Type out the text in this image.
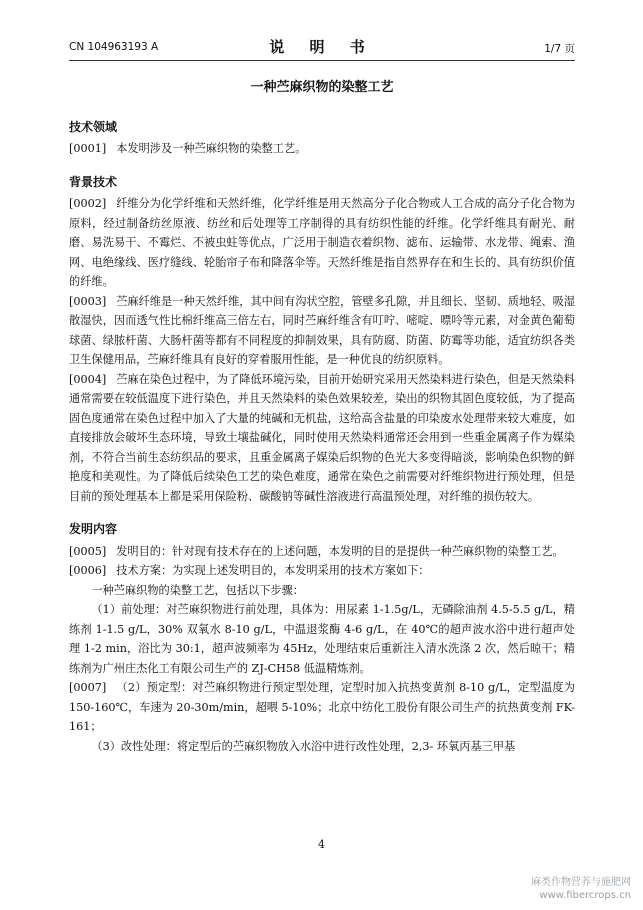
CN 104963193 A	说 明 书	1/7 页
一种苎麻织物的染整工艺
技术领域

[0001] 本发明涉及一种苎麻织物的染整工艺。

背景技术

[0002] 纤维分为化学纤维和天然纤维，化学纤维是用天然高分子化合物或人工合成的高分子化合物为原料，经过制备纺丝原液、纺丝和后处理等工序制得的具有纺织性能的纤维。化学纤维具有耐光、耐磨、易洗易干、不霉烂、不被虫蛀等优点，广泛用于制造衣着织物、滤布、运输带、水龙带、绳索、渔网、电绝缘线、医疗缝线、轮胎帘子布和降落伞等。天然纤维是指自然界存在和生长的、具有纺织价值的纤维。

[0003] 苎麻纤维是一种天然纤维，其中间有沟状空腔，管壁多孔隙，并且细长、坚韧、质地轻、吸湿散湿快，因而透气性比棉纤维高三倍左右，同时苎麻纤维含有叮咛、嘧啶、嘌呤等元素，对金黄色葡萄球菌、绿脓杆菌、大肠杆菌等都有不同程度的抑制效果，具有防腐、防菌、防霉等功能，适宜纺织各类卫生保健用品，苎麻纤维具有良好的穿着服用性能，是一种优良的纺织原料。

[0004] 苎麻在染色过程中，为了降低环境污染，目前开始研究采用天然染料进行染色，但是天然染料通常需要在较低温度下进行染色，并且天然染料的染色效果较差，染出的织物其固色度较低，为了提高固色度通常在染色过程中加入了大量的纯碱和无机盐，这给高含盐量的印染废水处理带来较大难度，如直接排放会破坏生态环境，导致土壤盐碱化，同时使用天然染料通常还会用到一些重金属离子作为媒染剂，不符合当前生态纺织品的要求，且重金属离子媒染后织物的色光大多变得暗淡，影响染色织物的鲜艳度和美观性。为了降低后续染色工艺的染色难度，通常在染色之前需要对纤维织物进行预处理，但是目前的预处理基本上都是采用保险粉、碳酸钠等碱性溶液进行高温预处理，对纤维的损伤较大。

发明内容

[0005] 发明目的：针对现有技术存在的上述问题，本发明的目的是提供一种苎麻织物的染整工艺。

[0006] 技术方案：为实现上述发明目的，本发明采用的技术方案如下：

一种苎麻织物的染整工艺，包括以下步骤：

（1）前处理：对苎麻织物进行前处理，具体为：用尿素 1-1.5g/L，无磷除油剂 4.5-5.5 g/L，精练剂 1-1.5 g/L，30% 双氧水 8-10 g/L，中温退浆酶 4-6 g/L，在 40℃的超声波水浴中进行超声处理 1-2 min，浴比为 30:1，超声波频率为 45Hz，处理结束后重新注入清水洗涤 2 次，然后晾干；精练剂为广州庄杰化工有限公司生产的 ZJ-CH58 低温精炼剂。

[0007] （2）预定型：对苎麻织物进行预定型处理，定型时加入抗热变黄剂 8-10 g/L，定型温度为 150-160℃，车速为 20-30m/min，超喂 5-10%；北京中纺化工股份有限公司生产的抗热黄变剂 FK-161；

（3）改性处理：将定型后的苎麻织物放入水浴中进行改性处理，2,3- 环氧丙基三甲基

4
麻类作物营养与施肥网
www.fibercrops.cn
